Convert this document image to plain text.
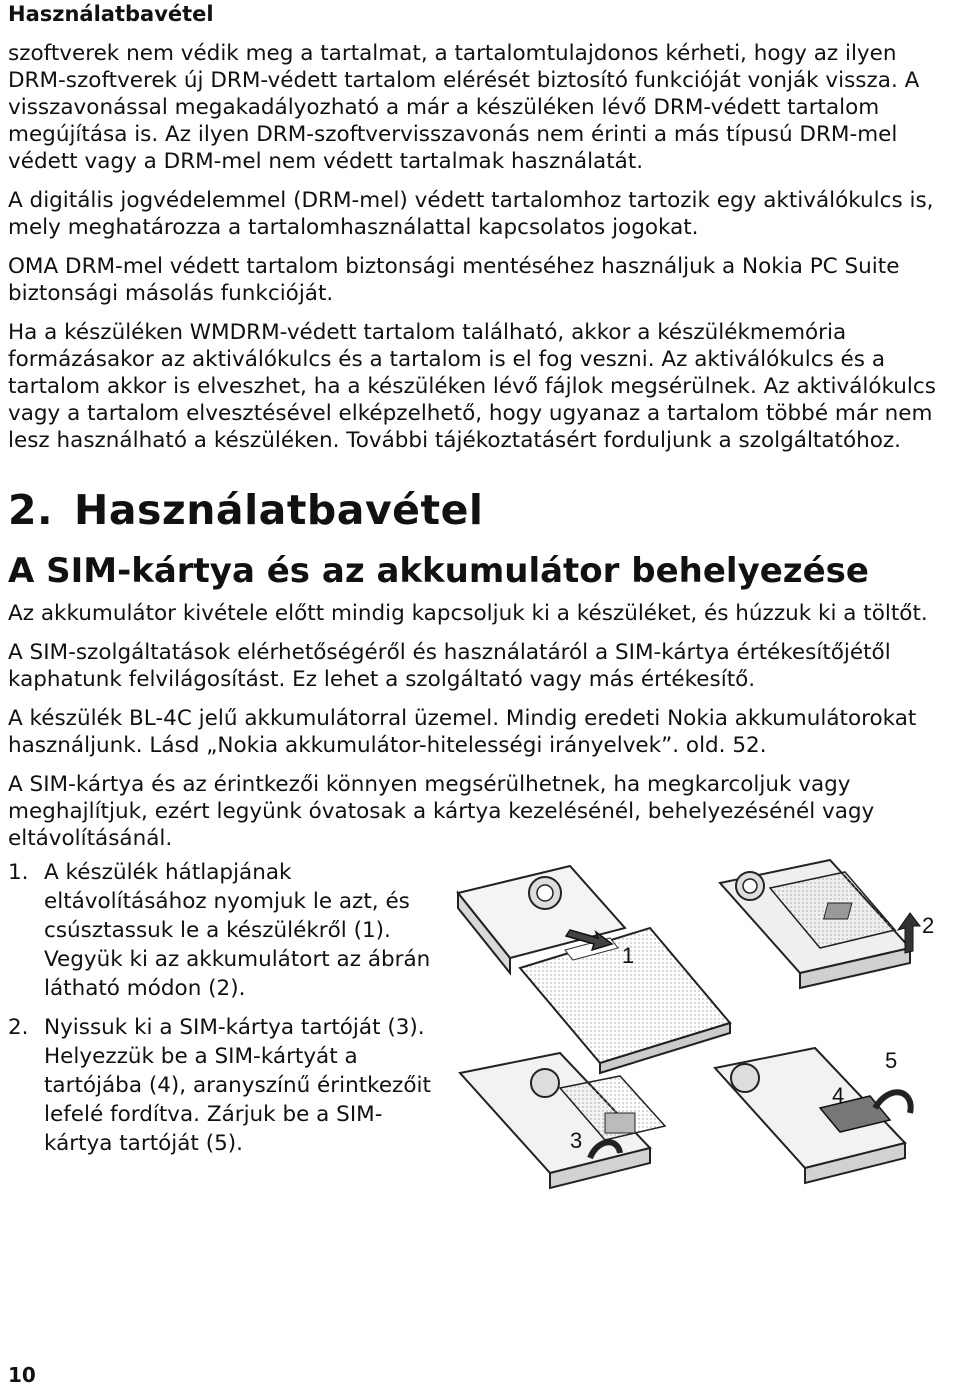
Használatbavétel

szoftverek nem védik meg a tartalmat, a tartalomtulajdonos kérheti, hogy az ilyen DRM-szoftverek új DRM-védett tartalom elérését biztosító funkcióját vonják vissza. A visszavonással megakadályozható a már a készüléken lévő DRM-védett tartalom megújítása is. Az ilyen DRM-szoftvervisszavonás nem érinti a más típusú DRM-mel védett vagy a DRM-mel nem védett tartalmak használatát.

A digitális jogvédelemmel (DRM-mel) védett tartalomhoz tartozik egy aktiválókulcs is, mely meghatározza a tartalomhasználattal kapcsolatos jogokat.

OMA DRM-mel védett tartalom biztonsági mentéséhez használjuk a Nokia PC Suite biztonsági másolás funkcióját.

Ha a készüléken WMDRM-védett tartalom található, akkor a készülékmemória formázásakor az aktiválókulcs és a tartalom is el fog veszni. Az aktiválókulcs és a tartalom akkor is elveszhet, ha a készüléken lévő fájlok megsérülnek. Az aktiválókulcs vagy a tartalom elvesztésével elképzelhető, hogy ugyanaz a tartalom többé már nem lesz használható a készüléken. További tájékoztatásért forduljunk a szolgáltatóhoz.

2. Használatbavétel
A SIM-kártya és az akkumulátor behelyezése

Az akkumulátor kivétele előtt mindig kapcsoljuk ki a készüléket, és húzzuk ki a töltőt.

A SIM-szolgáltatások elérhetőségéről és használatáról a SIM-kártya értékesítőjétől kaphatunk felvilágosítást. Ez lehet a szolgáltató vagy más értékesítő.

A készülék BL-4C jelű akkumulátorral üzemel. Mindig eredeti Nokia akkumulátorokat használjunk. Lásd „Nokia akkumulátor-hitelességi irányelvek”. old. 52.

A SIM-kártya és az érintkezői könnyen megsérülhetnek, ha megkarcoljuk vagy meghajlítjuk, ezért legyünk óvatosak a kártya kezelésénél, behelyezésénél vagy eltávolításánál.

1. A készülék hátlapjának eltávolításához nyomjuk le azt, és csúsztassuk le a készülékről (1). Vegyük ki az akkumulátort az ábrán látható módon (2).
2. Nyissuk ki a SIM-kártya tartóját (3). Helyezzük be a SIM-kártyát a tartójába (4), aranyszínű érintkezőit lefelé fordítva. Zárjuk be a SIM-kártya tartóját (5).
1
2
3
4
5
10
